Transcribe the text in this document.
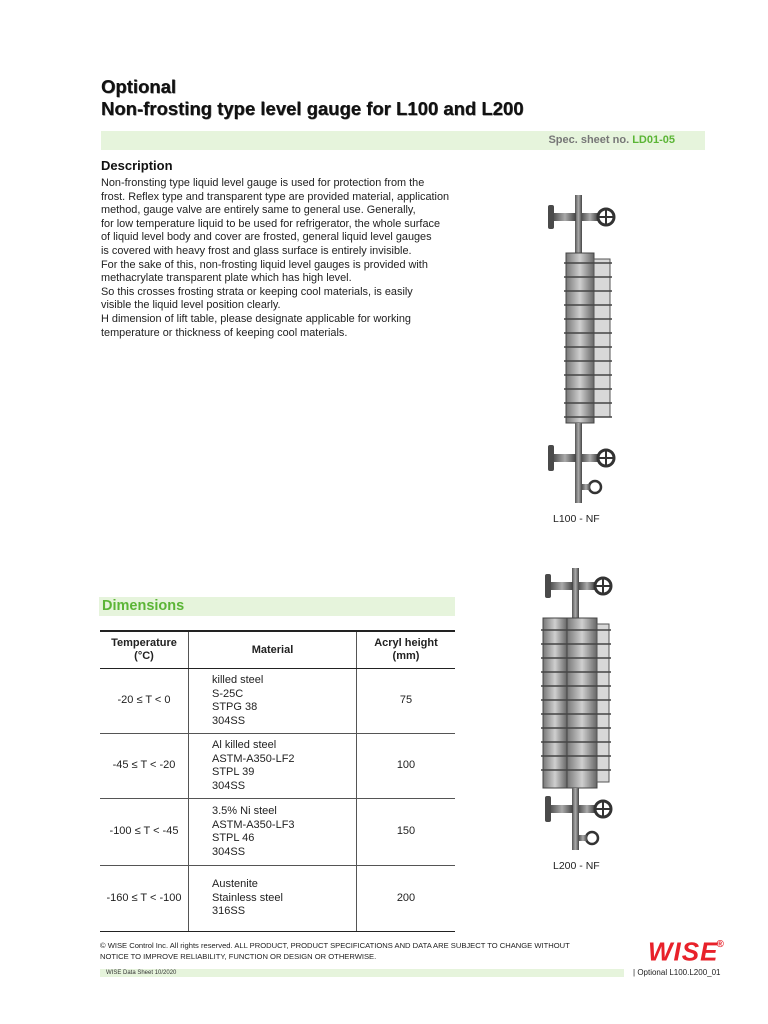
Optional
Non-frosting type level gauge for L100 and L200
Spec. sheet no. LD01-05
Description

Non-fronsting type liquid level gauge is used for protection from the

frost. Reflex type and transparent type are provided material, application

method, gauge valve are entirely same to general use. Generally,

for low temperature liquid to be used for refrigerator, the whole surface

of liquid level body and cover are frosted, general liquid level gauges

is covered with heavy frost and glass surface is entirely invisible.

For the sake of this, non-frosting liquid level gauges is provided with

methacrylate transparent plate which has high level.

So this crosses frosting strata or keeping cool materials, is easily

visible the liquid level position clearly.

H dimension of lift table, please designate applicable for working

temperature or thickness of keeping cool materials.

L100 - NF
L200 - NF
Dimensions
Temperature
(°C)	Material	Acryl height
(mm)
-20 ≤ T < 0	killed steel
S-25C
STPG 38
304SS	75
-45 ≤ T < -20	Al killed steel
ASTM-A350-LF2
STPL 39
304SS	100
-100 ≤ T < -45	3.5% Ni steel
ASTM-A350-LF3
STPL 46
304SS	150
-160 ≤ T < -100	Austenite
Stainless steel
316SS	200
© WISE Control Inc. All rights reserved. ALL PRODUCT, PRODUCT SPECIFICATIONS AND DATA ARE SUBJECT TO CHANGE WITHOUT
NOTICE TO IMPROVE RELIABILITY, FUNCTION OR DESIGN OR OTHERWISE.	WISE®
WISE Data Sheet 10/2020	| Optional L100.L200_01
